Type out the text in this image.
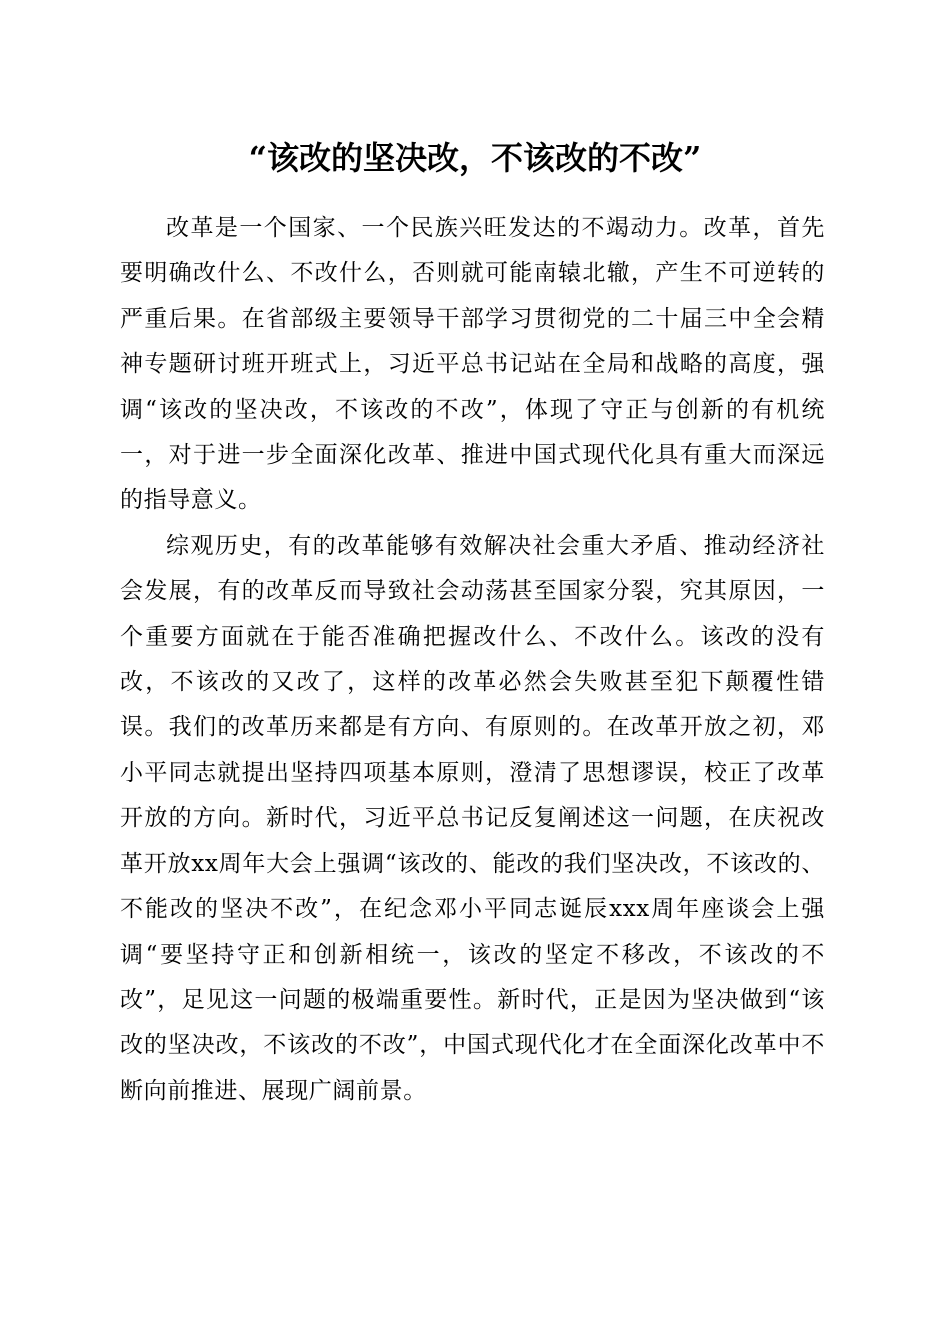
“该改的坚决改，不该改的不改”

改革是一个国家、一个民族兴旺发达的不竭动力。改革，首先要明确改什么、不改什么，否则就可能南辕北辙，产生不可逆转的严重后果。在省部级主要领导干部学习贯彻党的二十届三中全会精神专题研讨班开班式上，习近平总书记站在全局和战略的高度，强调“该改的坚决改，不该改的不改”，体现了守正与创新的有机统一，对于进一步全面深化改革、推进中国式现代化具有重大而深远的指导意义。

综观历史，有的改革能够有效解决社会重大矛盾、推动经济社会发展，有的改革反而导致社会动荡甚至国家分裂，究其原因，一个重要方面就在于能否准确把握改什么、不改什么。该改的没有改，不该改的又改了，这样的改革必然会失败甚至犯下颠覆性错误。我们的改革历来都是有方向、有原则的。在改革开放之初，邓小平同志就提出坚持四项基本原则，澄清了思想谬误，校正了改革开放的方向。新时代，习近平总书记反复阐述这一问题，在庆祝改革开放xx周年大会上强调“该改的、能改的我们坚决改，不该改的、不能改的坚决不改”，在纪念邓小平同志诞辰xxx周年座谈会上强调“要坚持守正和创新相统一，该改的坚定不移改，不该改的不改”，足见这一问题的极端重要性。新时代，正是因为坚决做到“该改的坚决改，不该改的不改”，中国式现代化才在全面深化改革中不断向前推进、展现广阔前景。
